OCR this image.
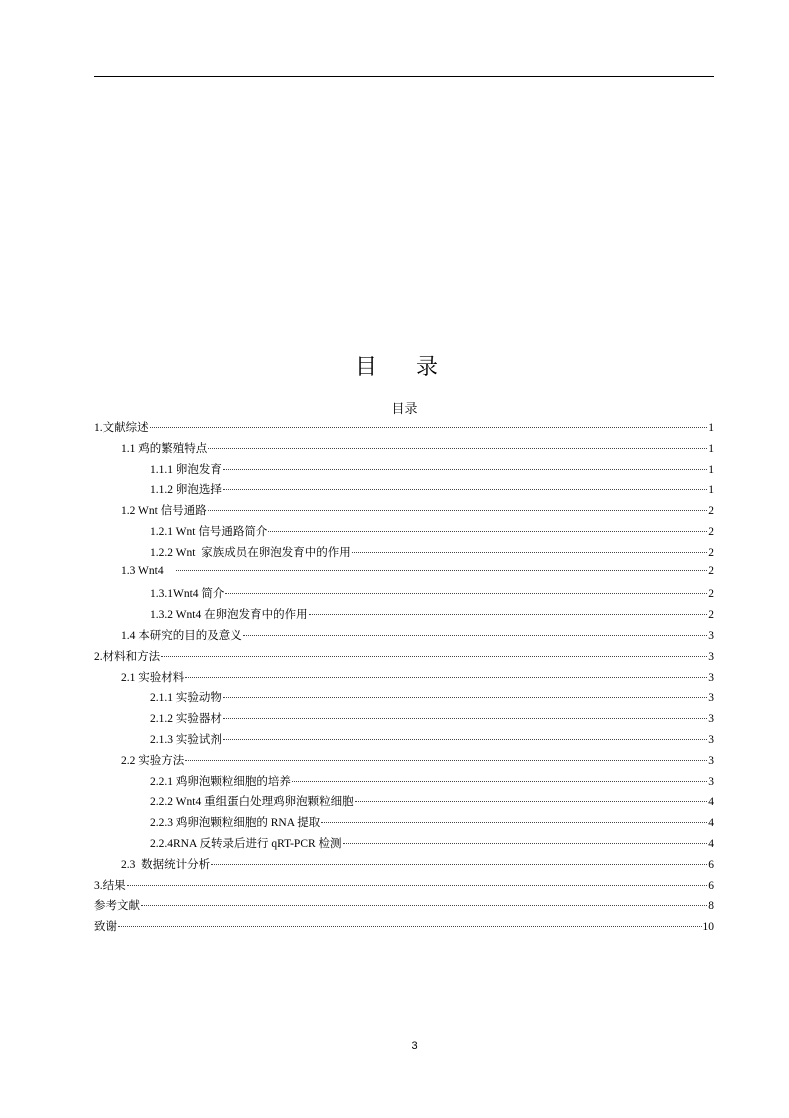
目 录
目录
1.文献综述	1
1.1 鸡的繁殖特点	1
1.1.1 卵泡发育	1
1.1.2 卵泡选择	1
1.2 Wnt 信号通路	2
1.2.1 Wnt 信号通路简介	2
1.2.2 Wnt  家族成员在卵泡发育中的作用	2
1.3 Wnt4	2
1.3.1Wnt4 简介	2
1.3.2 Wnt4 在卵泡发育中的作用	2
1.4 本研究的目的及意义	3
2.材料和方法	3
2.1 实验材料	3
2.1.1 实验动物	3
2.1.2 实验器材	3
2.1.3 实验试剂	3
2.2 实验方法	3
2.2.1 鸡卵泡颗粒细胞的培养	3
2.2.2 Wnt4 重组蛋白处理鸡卵泡颗粒细胞	4
2.2.3 鸡卵泡颗粒细胞的 RNA 提取	4
2.2.4RNA 反转录后进行 qRT-PCR 检测	4
2.3  数据统计分析	6
3.结果	6
参考文献	8
致谢	10
3
